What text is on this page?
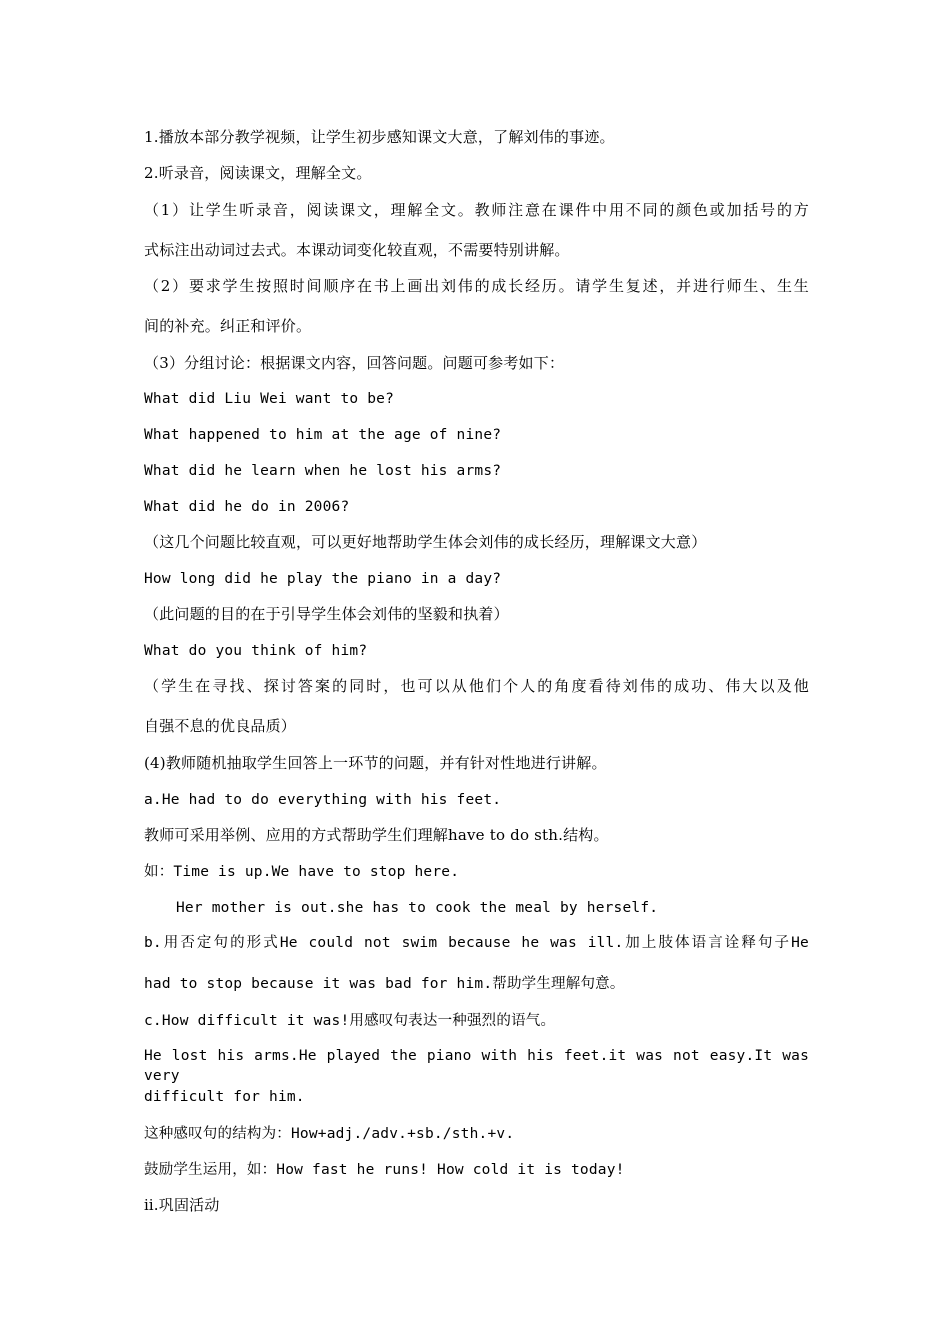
1.播放本部分教学视频，让学生初步感知课文大意，了解刘伟的事迹。
2.听录音，阅读课文，理解全文。
（1）让学生听录音，阅读课文，理解全文。教师注意在课件中用不同的颜色或加括号的方
式标注出动词过去式。本课动词变化较直观，不需要特别讲解。
（2）要求学生按照时间顺序在书上画出刘伟的成长经历。请学生复述，并进行师生、生生
间的补充。纠正和评价。
（3）分组讨论：根据课文内容，回答问题。问题可参考如下：
What did Liu Wei want to be?
What happened to him at the age of nine?
What did he learn when he lost his arms?
What did he do in 2006?
（这几个问题比较直观，可以更好地帮助学生体会刘伟的成长经历，理解课文大意）
How long did he play the piano in a day?
（此问题的目的在于引导学生体会刘伟的坚毅和执着）
What do you think of him?
（学生在寻找、探讨答案的同时，也可以从他们个人的角度看待刘伟的成功、伟大以及他
自强不息的优良品质）
(4)教师随机抽取学生回答上一环节的问题，并有针对性地进行讲解。
a.He had to do everything with his feet.
教师可采用举例、应用的方式帮助学生们理解have to do sth.结构。
如：Time is up.We have to stop here.
Her mother is out.she has to cook the meal by herself.
b.用否定句的形式He could not swim because he was ill.加上肢体语言诠释句子He
had to stop because it was bad for him.帮助学生理解句意。
c.How difficult it was!用感叹句表达一种强烈的语气。
He lost his arms.He played the piano with his feet.it was not easy.It was very
difficult for him.
这种感叹句的结构为：How+adj./adv.+sb./sth.+v.
鼓励学生运用，如：How fast he runs! How cold it is today!
ⅱ.巩固活动
